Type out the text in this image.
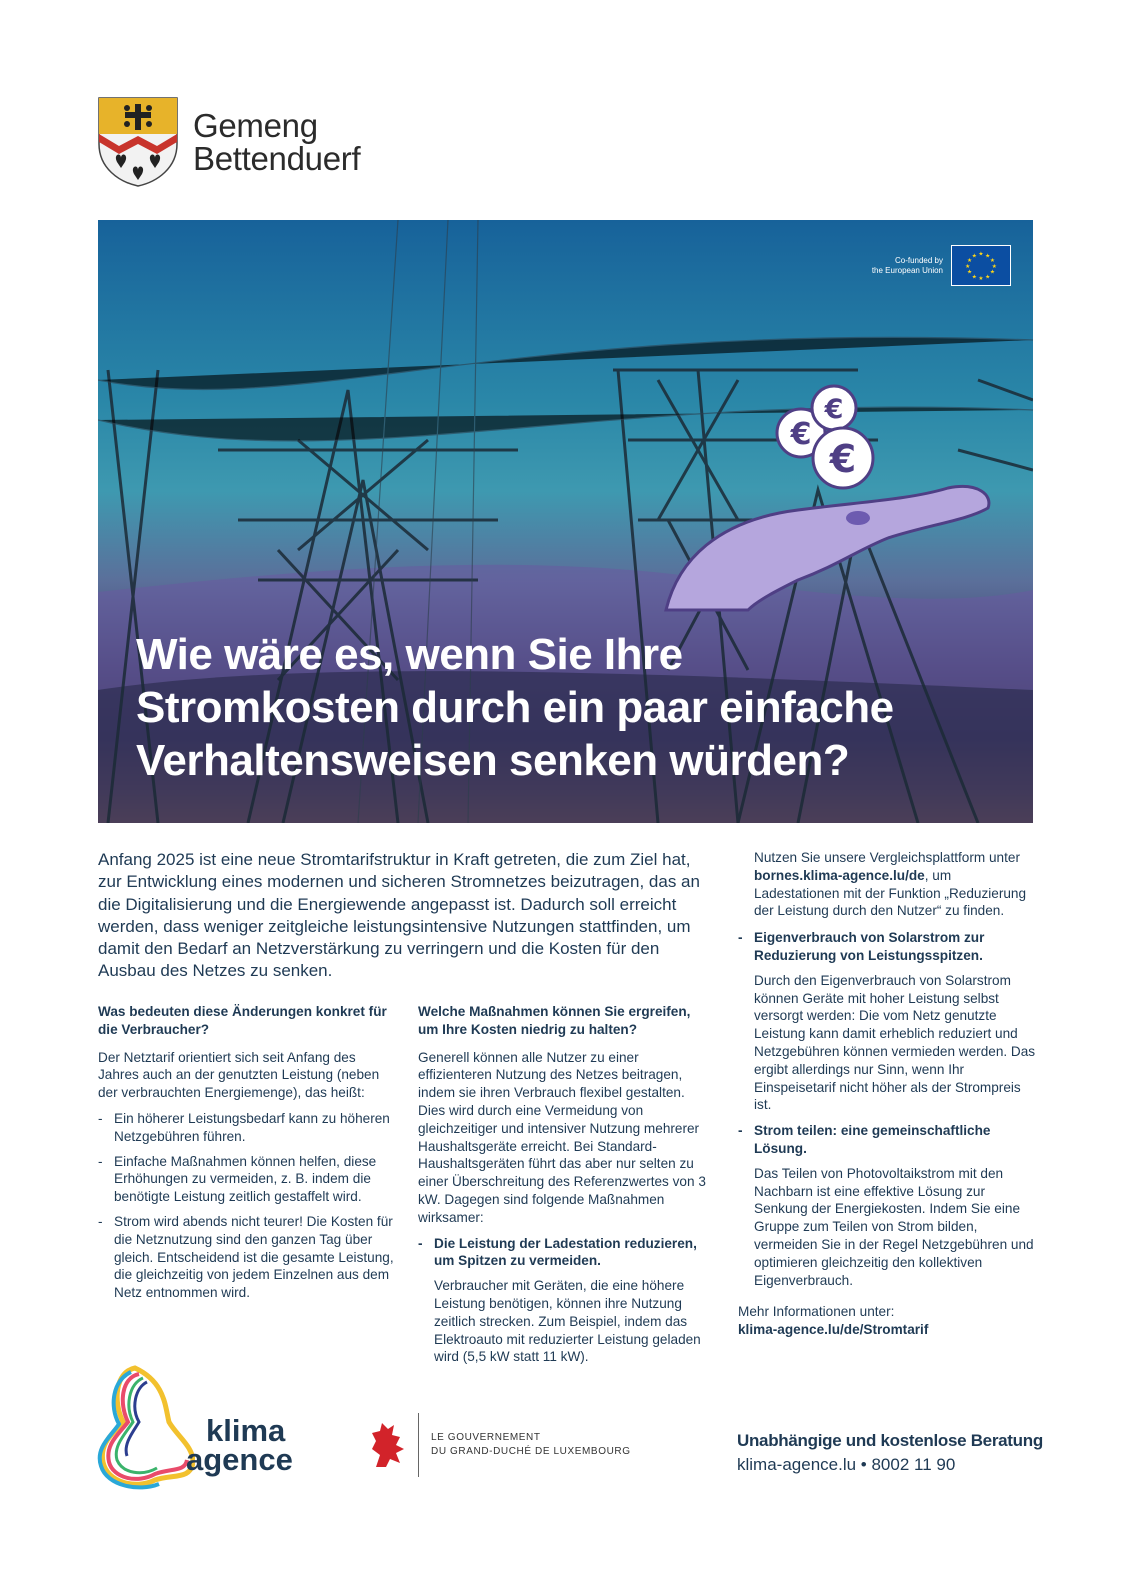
Gemeng
Bettenduerf
€
€
€
Co-funded by
the European Union
★ ★
★
★
★
★
★
★
★
★
★
★
Wie wäre es, wenn Sie Ihre
Stromkosten durch ein paar einfache
Verhaltensweisen senken würden?

Anfang 2025 ist eine neue Stromtarifstruktur in Kraft getreten, die zum Ziel hat, zur Entwicklung eines modernen und sicheren Stromnetzes beizutragen, das an die Digitalisierung und die Energiewende angepasst ist. Dadurch soll erreicht werden, dass weniger zeitgleiche leistungsintensive Nutzungen stattfinden, um damit den Bedarf an Netzverstärkung zu verringern und die Kosten für den Ausbau des Netzes zu senken.

Was bedeuten diese Änderungen konkret für die Verbraucher?

Der Netztarif orientiert sich seit Anfang des Jahres auch an der genutzten Leistung (neben der verbrauchten Energiemenge), das heißt:

- Ein höherer Leistungsbedarf kann zu höheren Netzgebühren führen.
- Einfache Maßnahmen können helfen, diese Erhöhungen zu vermeiden, z. B. indem die benötigte Leistung zeitlich gestaffelt wird.
- Strom wird abends nicht teurer! Die Kosten für die Netznutzung sind den ganzen Tag über gleich. Entscheidend ist die gesamte Leistung, die gleichzeitig von jedem Einzelnen aus dem Netz entnommen wird.
Welche Maßnahmen können Sie ergreifen, um Ihre Kosten niedrig zu halten?

Generell können alle Nutzer zu einer effizienteren Nutzung des Netzes beitragen, indem sie ihren Verbrauch flexibel gestalten. Dies wird durch eine Vermeidung von gleichzeitiger und intensiver Nutzung mehrerer Haushaltsgeräte erreicht. Bei Standard-Haushaltsgeräten führt das aber nur selten zu einer Überschreitung des Referenzwertes von 3 kW. Dagegen sind folgende Maßnahmen wirksamer:

- Die Leistung der Ladestation reduzieren, um Spitzen zu vermeiden.

Verbraucher mit Geräten, die eine höhere Leistung benötigen, können ihre Nutzung zeitlich strecken. Zum Beispiel, indem das Elektroauto mit reduzierter Leistung geladen wird (5,5 kW statt 11 kW).

Nutzen Sie unsere Vergleichsplattform unter bornes.klima-agence.lu/de, um Ladestationen mit der Funktion „Reduzierung der Leistung durch den Nutzer“ zu finden.

- Eigenverbrauch von Solarstrom zur Reduzierung von Leistungsspitzen.

Durch den Eigenverbrauch von Solarstrom können Geräte mit hoher Leistung selbst versorgt werden: Die vom Netz genutzte Leistung kann damit erheblich reduziert und Netzgebühren können vermieden werden. Das ergibt allerdings nur Sinn, wenn Ihr Einspeisetarif nicht höher als der Strompreis ist.

- Strom teilen: eine gemeinschaftliche Lösung.

Das Teilen von Photovoltaikstrom mit den Nachbarn ist eine effektive Lösung zur Senkung der Energiekosten. Indem Sie eine Gruppe zum Teilen von Strom bilden, vermeiden Sie in der Regel Netzgebühren und optimieren gleichzeitig den kollektiven Eigenverbrauch.

Mehr Informationen unter:

klima-agence.lu/de/Stromtarif

klima
agence
LE GOUVERNEMENT
DU GRAND-DUCHÉ DE LUXEMBOURG
Unabhängige und kostenlose Beratung
klima-agence.lu • 8002 11 90
